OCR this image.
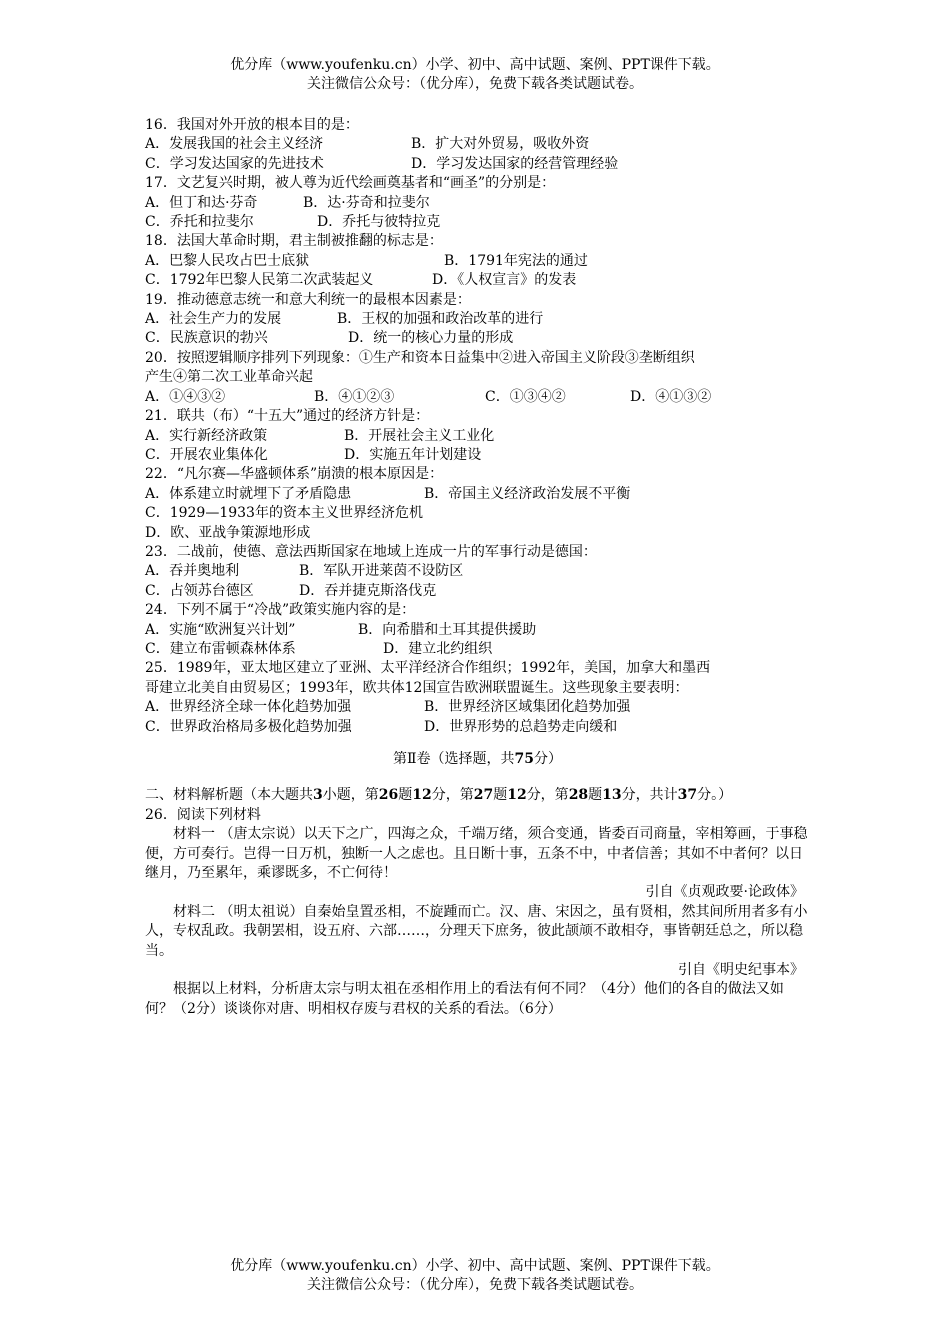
优分库（www.youfenku.cn）小学、初中、高中试题、案例、PPT课件下载。
关注微信公众号：（优分库），免费下载各类试题试卷。
16．我国对外开放的根本目的是：
A．发展我国的社会主义经济	B．扩大对外贸易，吸收外资
C．学习发达国家的先进技术	D．学习发达国家的经营管理经验
17．文艺复兴时期，被人尊为近代绘画奠基者和“画圣”的分别是：
A．但丁和达·芬奇	B．达·芬奇和拉斐尔
C．乔托和拉斐尔	D．乔托与彼特拉克
18．法国大革命时期，君主制被推翻的标志是：
A．巴黎人民攻占巴士底狱	B．1791年宪法的通过
C．1792年巴黎人民第二次武装起义	D．《人权宣言》的发表
19．推动德意志统一和意大利统一的最根本因素是：
A．社会生产力的发展	B．王权的加强和政治改革的进行
C．民族意识的勃兴	D．统一的核心力量的形成
20．按照逻辑顺序排列下列现象：①生产和资本日益集中②进入帝国主义阶段③垄断组织
产生④第二次工业革命兴起
A．①④③②	B．④①②③	C．①③④②	D．④①③②
21．联共（布）“十五大”通过的经济方针是：
A．实行新经济政策	B．开展社会主义工业化
C．开展农业集体化	D．实施五年计划建设
22．“凡尔赛—华盛顿体系”崩溃的根本原因是：
A．体系建立时就埋下了矛盾隐患	B．帝国主义经济政治发展不平衡
C．1929—1933年的资本主义世界经济危机
D．欧、亚战争策源地形成
23．二战前，使德、意法西斯国家在地域上连成一片的军事行动是德国：
A．吞并奥地利	B．军队开进莱茵不设防区
C．占领苏台德区	D．吞并捷克斯洛伐克
24．下列不属于“冷战”政策实施内容的是：
A．实施“欧洲复兴计划”	B．向希腊和土耳其提供援助
C．建立布雷顿森林体系	D．建立北约组织
25．1989年，亚太地区建立了亚洲、太平洋经济合作组织；1992年，美国，加拿大和墨西
哥建立北美自由贸易区；1993年，欧共体12国宣告欧洲联盟诞生。这些现象主要表明：
A．世界经济全球一体化趋势加强	B．世界经济区域集团化趋势加强
C．世界政治格局多极化趋势加强	D．世界形势的总趋势走向缓和
第Ⅱ卷（选择题，共75分）
二、材料解析题（本大题共3小题，第26题12分，第27题12分，第28题13分，共计37分。）
26．阅读下列材料
材料一 （唐太宗说）以天下之广，四海之众，千端万绪，须合变通，皆委百司商量，宰相筹画，于事稳便，方可奏行。岂得一日万机，独断一人之虑也。且日断十事，五条不中，中者信善；其如不中者何？以日继月，乃至累年，乘谬既多，不亡何待！
引自《贞观政要·论政体》
材料二 （明太祖说）自秦始皇置丞相，不旋踵而亡。汉、唐、宋因之，虽有贤相，然其间所用者多有小人，专权乱政。我朝罢相，设五府、六部……，分理天下庶务，彼此颉颃不敢相夺，事皆朝廷总之，所以稳当。
引自《明史纪事本》
根据以上材料，分析唐太宗与明太祖在丞相作用上的看法有何不同？（4分）他们的各自的做法又如何？（2分）谈谈你对唐、明相权存废与君权的关系的看法。（6分）
优分库（www.youfenku.cn）小学、初中、高中试题、案例、PPT课件下载。
关注微信公众号：（优分库），免费下载各类试题试卷。
